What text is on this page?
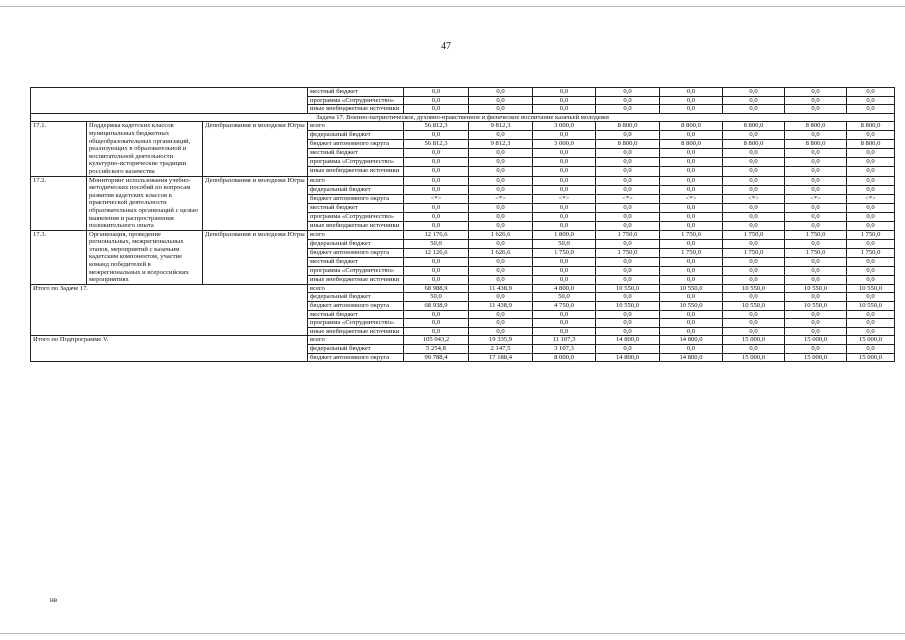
47
			местный бюджет	0,0	0,0	0,0	0,0	0,0	0,0	0,0	0,0
			программа «Сотрудничество»	0,0	0,0	0,0	0,0	0,0	0,0	0,0	0,0
			иные внебюджетные источники	0,0	0,0	0,0	0,0	0,0	0,0	0,0	0,0
Задача 17. Военно-патриотическое, духовно-нравственное и физическое воспитание казачьей молодежи											
17.1.	Поддержка кадетских классов муниципальных бюджетных общеобразовательных организаций, реализующих в образовательной и воспитательной деятельности культурно-исторические традиции российского казачества	Депобразования и молодежи Югры	всего	56 812,3	9 812,3	3 000,0	8 800,0	8 800,0	8 800,0	8 800,0	8 800,0
			федеральный бюджет	0,0	0,0	0,0	0,0	0,0	0,0	0,0	0,0
			бюджет автономного округа	56 812,3	9 812,3	3 000,0	8 800,0	8 800,0	8 800,0	8 800,0	8 800,0
			местный бюджет	0,0	0,0	0,0	0,0	0,0	0,0	0,0	0,0
			программа «Сотрудничество»	0,0	0,0	0,0	0,0	0,0	0,0	0,0	0,0
			иные внебюджетные источники	0,0	0,0	0,0	0,0	0,0	0,0	0,0	0,0
17.2.	Мониторинг использования учебно-методических пособий по вопросам развития кадетских классов в практической деятельности образовательных организаций с целью выявления и распространения положительного опыта	Депобразования и молодежи Югры	всего	0,0	0,0	0,0	0,0	0,0	0,0	0,0	0,0
			федеральный бюджет	0,0	0,0	0,0	0,0	0,0	0,0	0,0	0,0
			бюджет автономного округа	<*>	<*>	<*>	<*>	<*>	<*>	<*>	<*>
			местный бюджет	0,0	0,0	0,0	0,0	0,0	0,0	0,0	0,0
			программа «Сотрудничество»	0,0	0,0	0,0	0,0	0,0	0,0	0,0	0,0
			иные внебюджетные источники	0,0	0,0	0,0	0,0	0,0	0,0	0,0	0,0
17.3.	Организация, проведение региональных, межрегиональных этапов, мероприятий с казачьим кадетским компонентом, участие команд победителей в межрегиональных и всероссийских мероприятиях	Депобразования и молодежи Югры	всего	12 176,6	1 626,6	1 800,0	1 750,0	1 750,0	1 750,0	1 750,0	1 750,0
			федеральный бюджет	50,0	0,0	50,0	0,0	0,0	0,0	0,0	0,0
			бюджет автономного округа	12 126,6	1 626,6	1 750,0	1 750,0	1 750,0	1 750,0	1 750,0	1 750,0
			местный бюджет	0,0	0,0	0,0	0,0	0,0	0,0	0,0	0,0
			программа «Сотрудничество»	0,0	0,0	0,0	0,0	0,0	0,0	0,0	0,0
			иные внебюджетные источники	0,0	0,0	0,0	0,0	0,0	0,0	0,0	0,0
Итого по Задаче 17.			всего	68 988,9	11 438,9	4 800,0	10 550,0	10 550,0	10 550,0	10 550,0	10 550,0
			федеральный бюджет	50,0	0,0	50,0	0,0	0,0	0,0	0,0	0,0
			бюджет автономного округа	68 938,9	11 438,9	4 750,0	10 550,0	10 550,0	10 550,0	10 550,0	10 550,0
			местный бюджет	0,0	0,0	0,0	0,0	0,0	0,0	0,0	0,0
			программа «Сотрудничество»	0,0	0,0	0,0	0,0	0,0	0,0	0,0	0,0
			иные внебюджетные источники	0,0	0,0	0,0	0,0	0,0	0,0	0,0	0,0
Итого по Подпрограмме V.			всего	105 043,2	19 335,9	11 107,3	14 800,0	14 800,0	15 000,0	15 000,0	15 000,0
			федеральный бюджет	5 254,8	2 147,5	3 107,3	0,0	0,0	0,0	0,0	0,0
			бюджет автономного округа	99 788,4	17 188,4	8 000,0	14 800,0	14 800,0	15 000,0	15 000,0	15 000,0
нв
